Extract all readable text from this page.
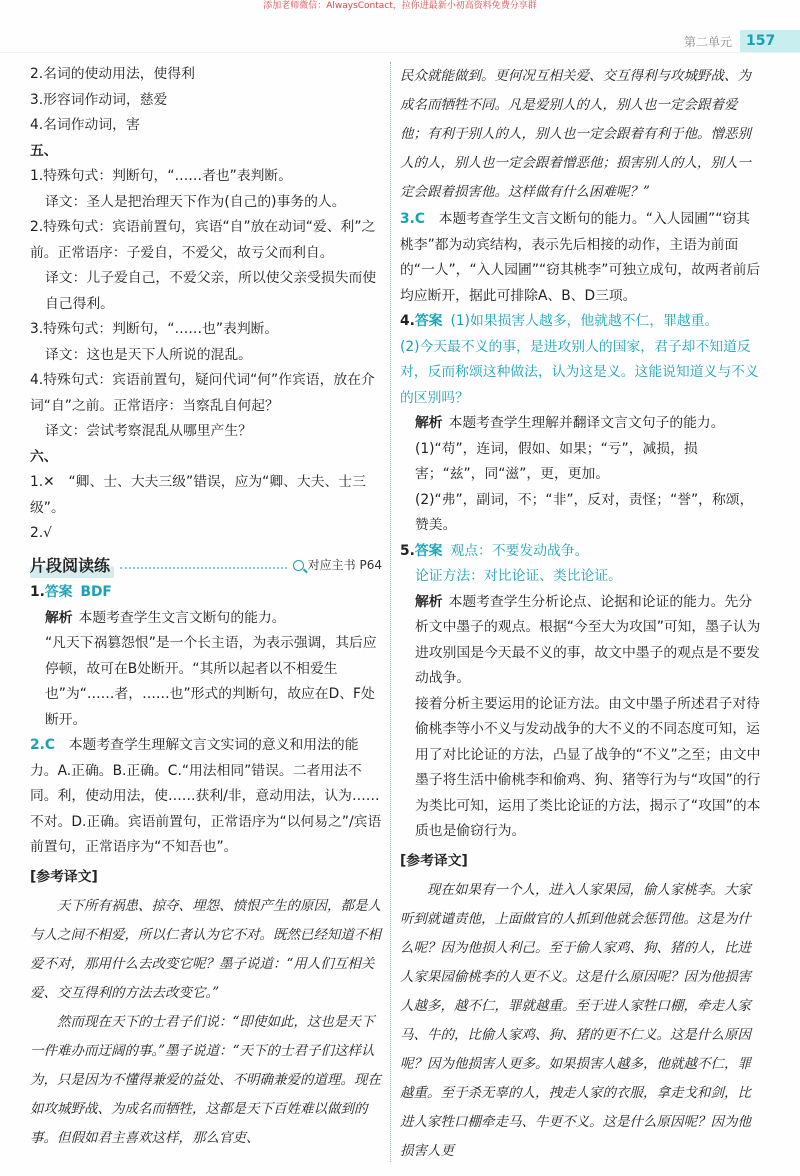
添加老师微信：AlwaysContact，拉你进最新小初高资料免费分享群
第二单元	157

2.名词的使动用法，使得利

3.形容词作动词，慈爱

4.名词作动词，害

五、

1.特殊句式：判断句，“……者也”表判断。

译文：圣人是把治理天下作为(自己的)事务的人。

2.特殊句式：宾语前置句，宾语“自”放在动词“爱、利”之前。正常语序：子爱自，不爱父，故亏父而利自。

译文：儿子爱自己，不爱父亲，所以使父亲受损失而使自己得利。

3.特殊句式：判断句，“……也”表判断。

译文：这也是天下人所说的混乱。

4.特殊句式：宾语前置句，疑问代词“何”作宾语，放在介词“自”之前。正常语序：当察乱自何起？

译文：尝试考察混乱从哪里产生？

六、

1.✕　“卿、士、大夫三级”错误，应为“卿、大夫、士三级”。

2.√

片段阅读练	对应主书 P64

1.答案 BDF

解析 本题考查学生文言文断句的能力。

“凡天下祸篡怨恨”是一个长主语，为表示强调，其后应停顿，故可在B处断开。“其所以起者以不相爱生也”为“……者，……也”形式的判断句，故应在D、F处断开。

2.C　 本题考查学生理解文言文实词的意义和用法的能力。A.正确。B.正确。C.“用法相同”错误。二者用法不同。利，使动用法，使……获利/非，意动用法，认为……不对。D.正确。宾语前置句，正常语序为“以何易之”/宾语前置句，正常语序为“不知吾也”。

[参考译文]

天下所有祸患、掠夺、埋怨、愤恨产生的原因，都是人与人之间不相爱，所以仁者认为它不对。既然已经知道不相爱不对，那用什么去改变它呢？墨子说道：“用人们互相关爱、交互得利的方法去改变它。”

然而现在天下的士君子们说：“即使如此，这也是天下一件难办而迂阔的事。”墨子说道：“天下的士君子们这样认为，只是因为不懂得兼爱的益处、不明确兼爱的道理。现在如攻城野战、为成名而牺牲，这都是天下百姓难以做到的事。但假如君主喜欢这样，那么官吏、

民众就能做到。更何况互相关爱、交互得利与攻城野战、为成名而牺牲不同。凡是爱别人的人，别人也一定会跟着爱他；有利于别人的人，别人也一定会跟着有利于他。憎恶别人的人，别人也一定会跟着憎恶他；损害别人的人，别人一定会跟着损害他。这样做有什么困难呢？”

3.C　 本题考查学生文言文断句的能力。“入人园圃”“窃其桃李”都为动宾结构，表示先后相接的动作，主语为前面的“一人”，“入人园圃”“窃其桃李”可独立成句，故两者前后均应断开，据此可排除A、B、D三项。

4.答案 (1)如果损害人越多，他就越不仁，罪越重。

(2)今天最不义的事，是进攻别人的国家，君子却不知道反对，反而称颂这种做法，认为这是义。这能说知道义与不义的区别吗？

解析 本题考查学生理解并翻译文言文句子的能力。

(1)“苟”，连词，假如、如果；“亏”，减损，损害；“兹”，同“滋”，更，更加。

(2)“弗”，副词，不；“非”，反对，责怪；“誉”，称颂，赞美。

5.答案 观点：不要发动战争。

论证方法：对比论证、类比论证。

解析 本题考查学生分析论点、论据和论证的能力。先分析文中墨子的观点。根据“今至大为攻国”可知，墨子认为进攻别国是今天最不义的事，故文中墨子的观点是不要发动战争。

接着分析主要运用的论证方法。由文中墨子所述君子对待偷桃李等小不义与发动战争的大不义的不同态度可知，运用了对比论证的方法，凸显了战争的“不义”之至；由文中墨子将生活中偷桃李和偷鸡、狗、猪等行为与“攻国”的行为类比可知，运用了类比论证的方法，揭示了“攻国”的本质也是偷窃行为。

[参考译文]

现在如果有一个人，进入人家果园，偷人家桃李。大家听到就谴责他，上面做官的人抓到他就会惩罚他。这是为什么呢？因为他损人利己。至于偷人家鸡、狗、猪的人，比进人家果园偷桃李的人更不义。这是什么原因呢？因为他损害人越多，越不仁，罪就越重。至于进人家牲口棚，牵走人家马、牛的，比偷人家鸡、狗、猪的更不仁义。这是什么原因呢？因为他损害人更多。如果损害人越多，他就越不仁，罪越重。至于杀无辜的人，拽走人家的衣服，拿走戈和剑，比进人家牲口棚牵走马、牛更不义。这是什么原因呢？因为他损害人更
